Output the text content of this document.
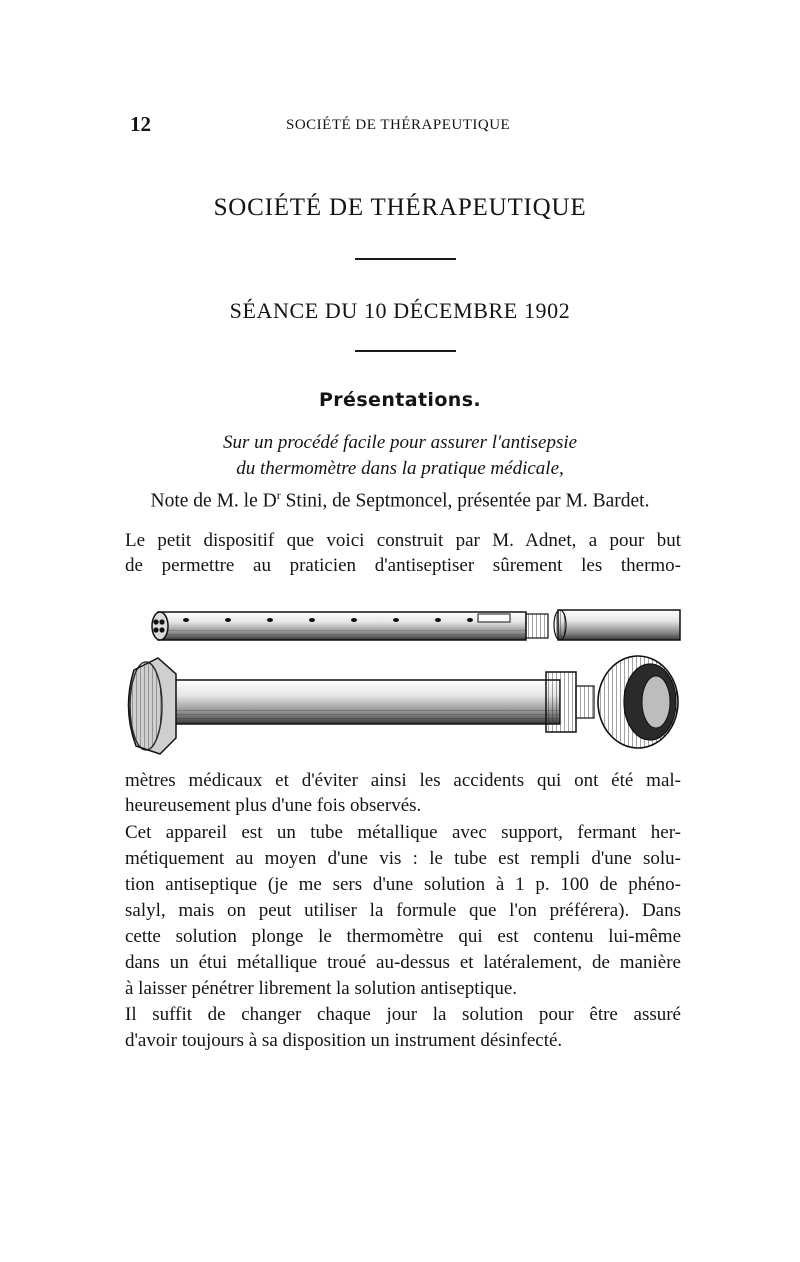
12	SOCIÉTÉ DE THÉRAPEUTIQUE
SOCIÉTÉ DE THÉRAPEUTIQUE
SÉANCE DU 10 DÉCEMBRE 1902
Présentations.
Sur un procédé facile pour assurer l'antisepsie
du thermomètre dans la pratique médicale,
Note de M. le $D^r$ Stini, de Septmoncel, présentée par M. Bardet.
Le petit dispositif que voici construit par M. Adnet, a pour but
de permettre au praticien d'antiseptiser sûrement les thermo-
mètres médicaux et d'éviter ainsi les accidents qui ont été mal-
heureusement plus d'une fois observés.
Cet appareil est un tube métallique avec support, fermant her-
métiquement au moyen d'une vis : le tube est rempli d'une solu-
tion antiseptique (je me sers d'une solution à 1 p. 100 de phéno-
salyl, mais on peut utiliser la formule que l'on préférera). Dans
cette solution plonge le thermomètre qui est contenu lui-même
dans un étui métallique troué au-dessus et latéralement, de manière
à laisser pénétrer librement la solution antiseptique.
Il suffit de changer chaque jour la solution pour être assuré
d'avoir toujours à sa disposition un instrument désinfecté.
